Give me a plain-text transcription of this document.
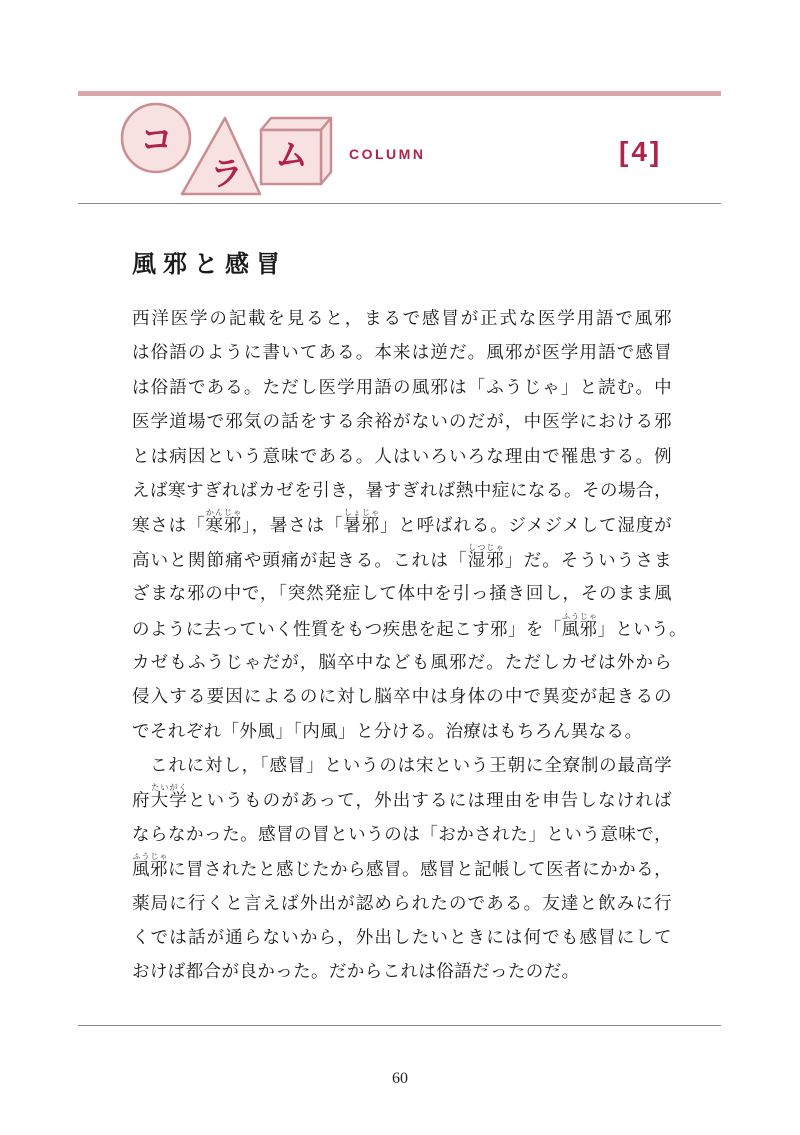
コ
ラ ム	COLUMN	[4]
風邪と感冒
西洋医学の記載を見ると，まるで感冒が正式な医学用語で風邪
は俗語のように書いてある。本来は逆だ。風邪が医学用語で感冒
は俗語である。ただし医学用語の風邪は「ふうじゃ」と読む。中
医学道場で邪気の話をする余裕がないのだが，中医学における邪
とは病因という意味である。人はいろいろな理由で罹患する。例
えば寒すぎればカゼを引き，暑すぎれば熱中症になる。その場合，
寒さは「寒邪かんじゃ」，暑さは「暑邪しょじゃ」と呼ばれる。ジメジメして湿度が
高いと関節痛や頭痛が起きる。これは「湿邪しつじゃ」だ。そういうさま
ざまな邪の中で，「突然発症して体中を引っ掻き回し，そのまま風
のように去っていく性質をもつ疾患を起こす邪」を「風邪ふうじゃ」という。
カゼもふうじゃだが，脳卒中なども風邪だ。ただしカゼは外から
侵入する要因によるのに対し脳卒中は身体の中で異変が起きるの
でそれぞれ「外風」「内風」と分ける。治療はもちろん異なる。
これに対し，「感冒」というのは宋という王朝に全寮制の最高学
府大学たいがくというものがあって，外出するには理由を申告しなければ
ならなかった。感冒の冒というのは「おかされた」という意味で，
風邪ふうじゃに冒されたと感じたから感冒。感冒と記帳して医者にかかる，
薬局に行くと言えば外出が認められたのである。友達と飲みに行
くでは話が通らないから，外出したいときには何でも感冒にして
おけば都合が良かった。だからこれは俗語だったのだ。
60
